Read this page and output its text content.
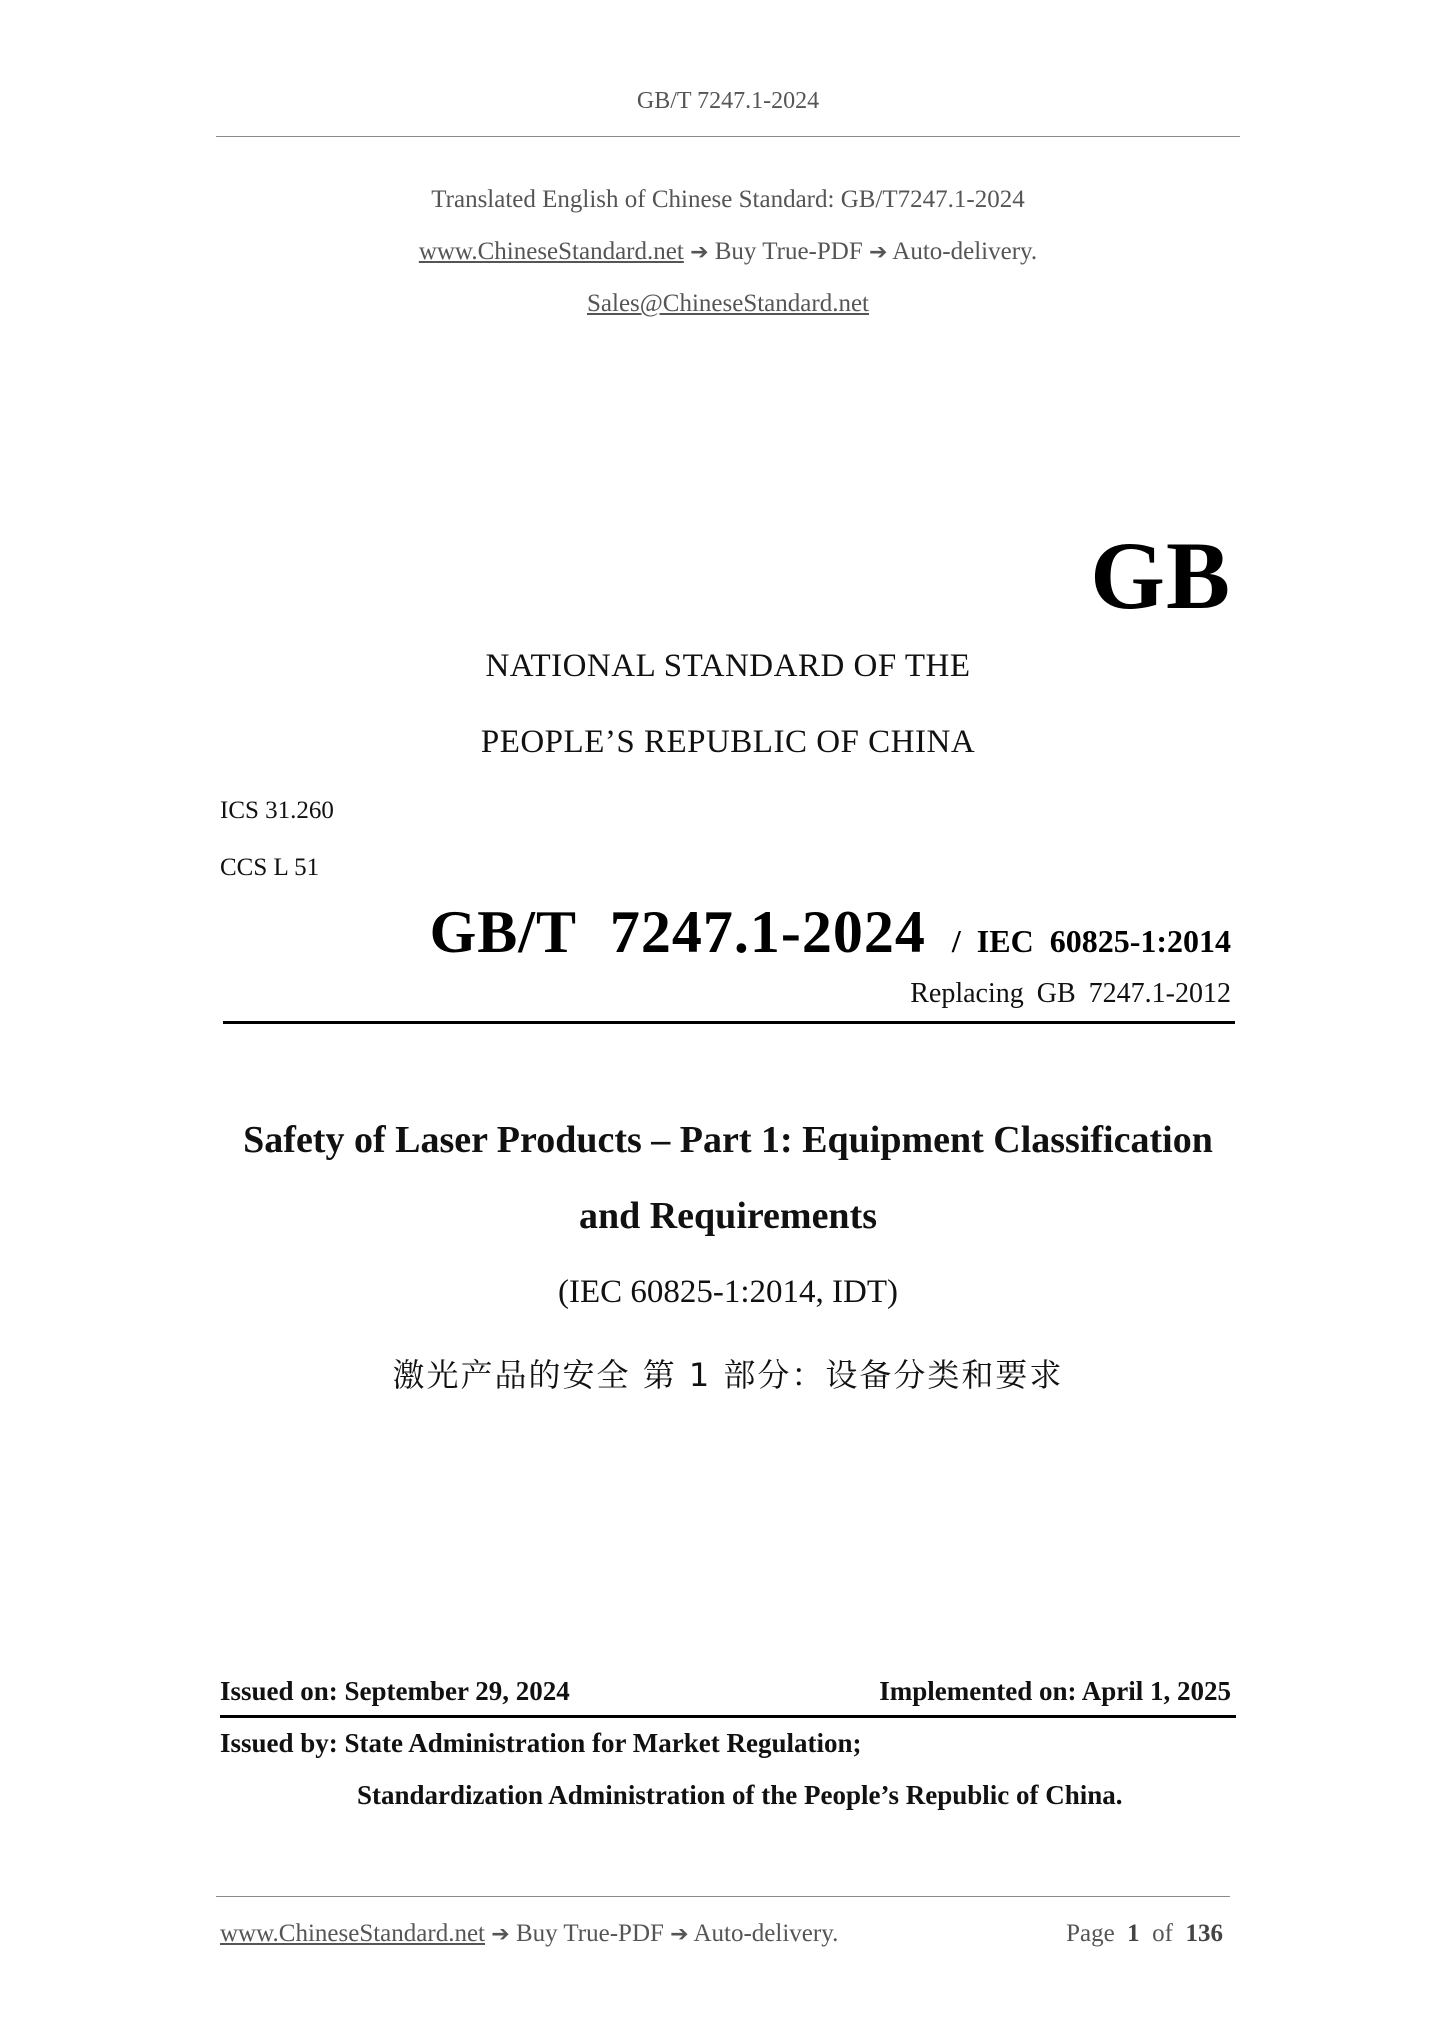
GB/T 7247.1-2024
Translated English of Chinese Standard: GB/T7247.1-2024
www.ChineseStandard.net ➔ Buy True-PDF ➔ Auto-delivery.
Sales@ChineseStandard.net
GB
NATIONAL STANDARD OF THE
PEOPLE’S REPUBLIC OF CHINA
ICS 31.260
CCS L 51
GB/T 7247.1-2024 / IEC 60825-1:2014
Replacing GB 7247.1-2012
Safety of Laser Products – Part 1: Equipment Classification
and Requirements
(IEC 60825-1:2014, IDT)
激光产品的安全 第 1 部分：设备分类和要求
Issued on: September 29, 2024	Implemented on: April 1, 2025
Issued by: State Administration for Market Regulation;
Standardization Administration of the People’s Republic of China.
www.ChineseStandard.net ➔ Buy True-PDF ➔ Auto-delivery.	Page 1 of 136
